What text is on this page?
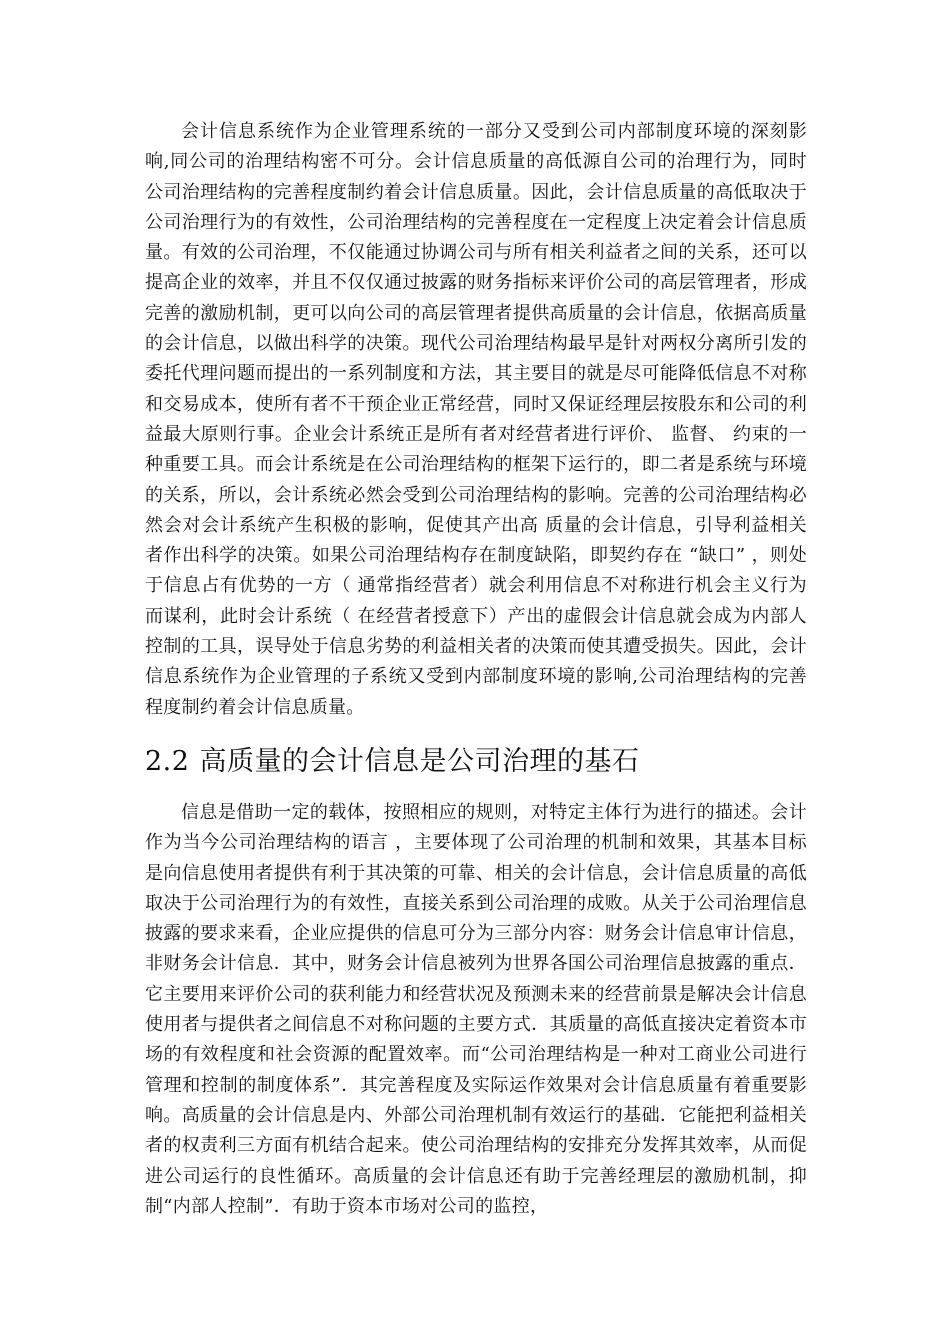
会计信息系统作为企业管理系统的一部分又受到公司内部制度环境的深刻影响,同公司的治理结构密不可分。会计信息质量的高低源自公司的治理行为，同时公司治理结构的完善程度制约着会计信息质量。因此，会计信息质量的高低取决于公司治理行为的有效性，公司治理结构的完善程度在一定程度上决定着会计信息质量。有效的公司治理，不仅能通过协调公司与所有相关利益者之间的关系，还可以提高企业的效率，并且不仅仅通过披露的财务指标来评价公司的高层管理者，形成完善的激励机制，更可以向公司的高层管理者提供高质量的会计信息，依据高质量的会计信息，以做出科学的决策。现代公司治理结构最早是针对两权分离所引发的委托代理问题而提出的一系列制度和方法，其主要目的就是尽可能降低信息不对称和交易成本，使所有者不干预企业正常经营，同时又保证经理层按股东和公司的利益最大原则行事。企业会计系统正是所有者对经营者进行评价、 监督、 约束的一种重要工具。而会计系统是在公司治理结构的框架下运行的，即二者是系统与环境的关系，所以，会计系统必然会受到公司治理结构的影响。完善的公司治理结构必然会对会计系统产生积极的影响，促使其产出高 质量的会计信息，引导利益相关者作出科学的决策。如果公司治理结构存在制度缺陷，即契约存在 “缺口” ，则处于信息占有优势的一方（ 通常指经营者）就会利用信息不对称进行机会主义行为而谋利，此时会计系统（ 在经营者授意下）产出的虚假会计信息就会成为内部人控制的工具，误导处于信息劣势的利益相关者的决策而使其遭受损失。因此，会计信息系统作为企业管理的子系统又受到内部制度环境的影响,公司治理结构的完善程度制约着会计信息质量。

2.2 高质量的会计信息是公司治理的基石

信息是借助一定的载体，按照相应的规则，对特定主体行为进行的描述。会计作为当今公司治理结构的语言 ，主要体现了公司治理的机制和效果，其基本目标是向信息使用者提供有利于其决策的可靠、相关的会计信息，会计信息质量的高低取决于公司治理行为的有效性，直接关系到公司治理的成败。从关于公司治理信息披露的要求来看，企业应提供的信息可分为三部分内容：财务会计信息审计信息，非财务会计信息．其中，财务会计信息被列为世界各国公司治理信息披露的重点．它主要用来评价公司的获利能力和经营状况及预测未来的经营前景是解决会计信息使用者与提供者之间信息不对称问题的主要方式．其质量的高低直接决定着资本市场的有效程度和社会资源的配置效率。而“公司治理结构是一种对工商业公司进行管理和控制的制度体系”．其完善程度及实际运作效果对会计信息质量有着重要影响。高质量的会计信息是内、外部公司治理机制有效运行的基础．它能把利益相关者的权责利三方面有机结合起来。使公司治理结构的安排充分发挥其效率，从而促进公司运行的良性循环。高质量的会计信息还有助于完善经理层的激励机制，抑制“内部人控制”．有助于资本市场对公司的监控，
